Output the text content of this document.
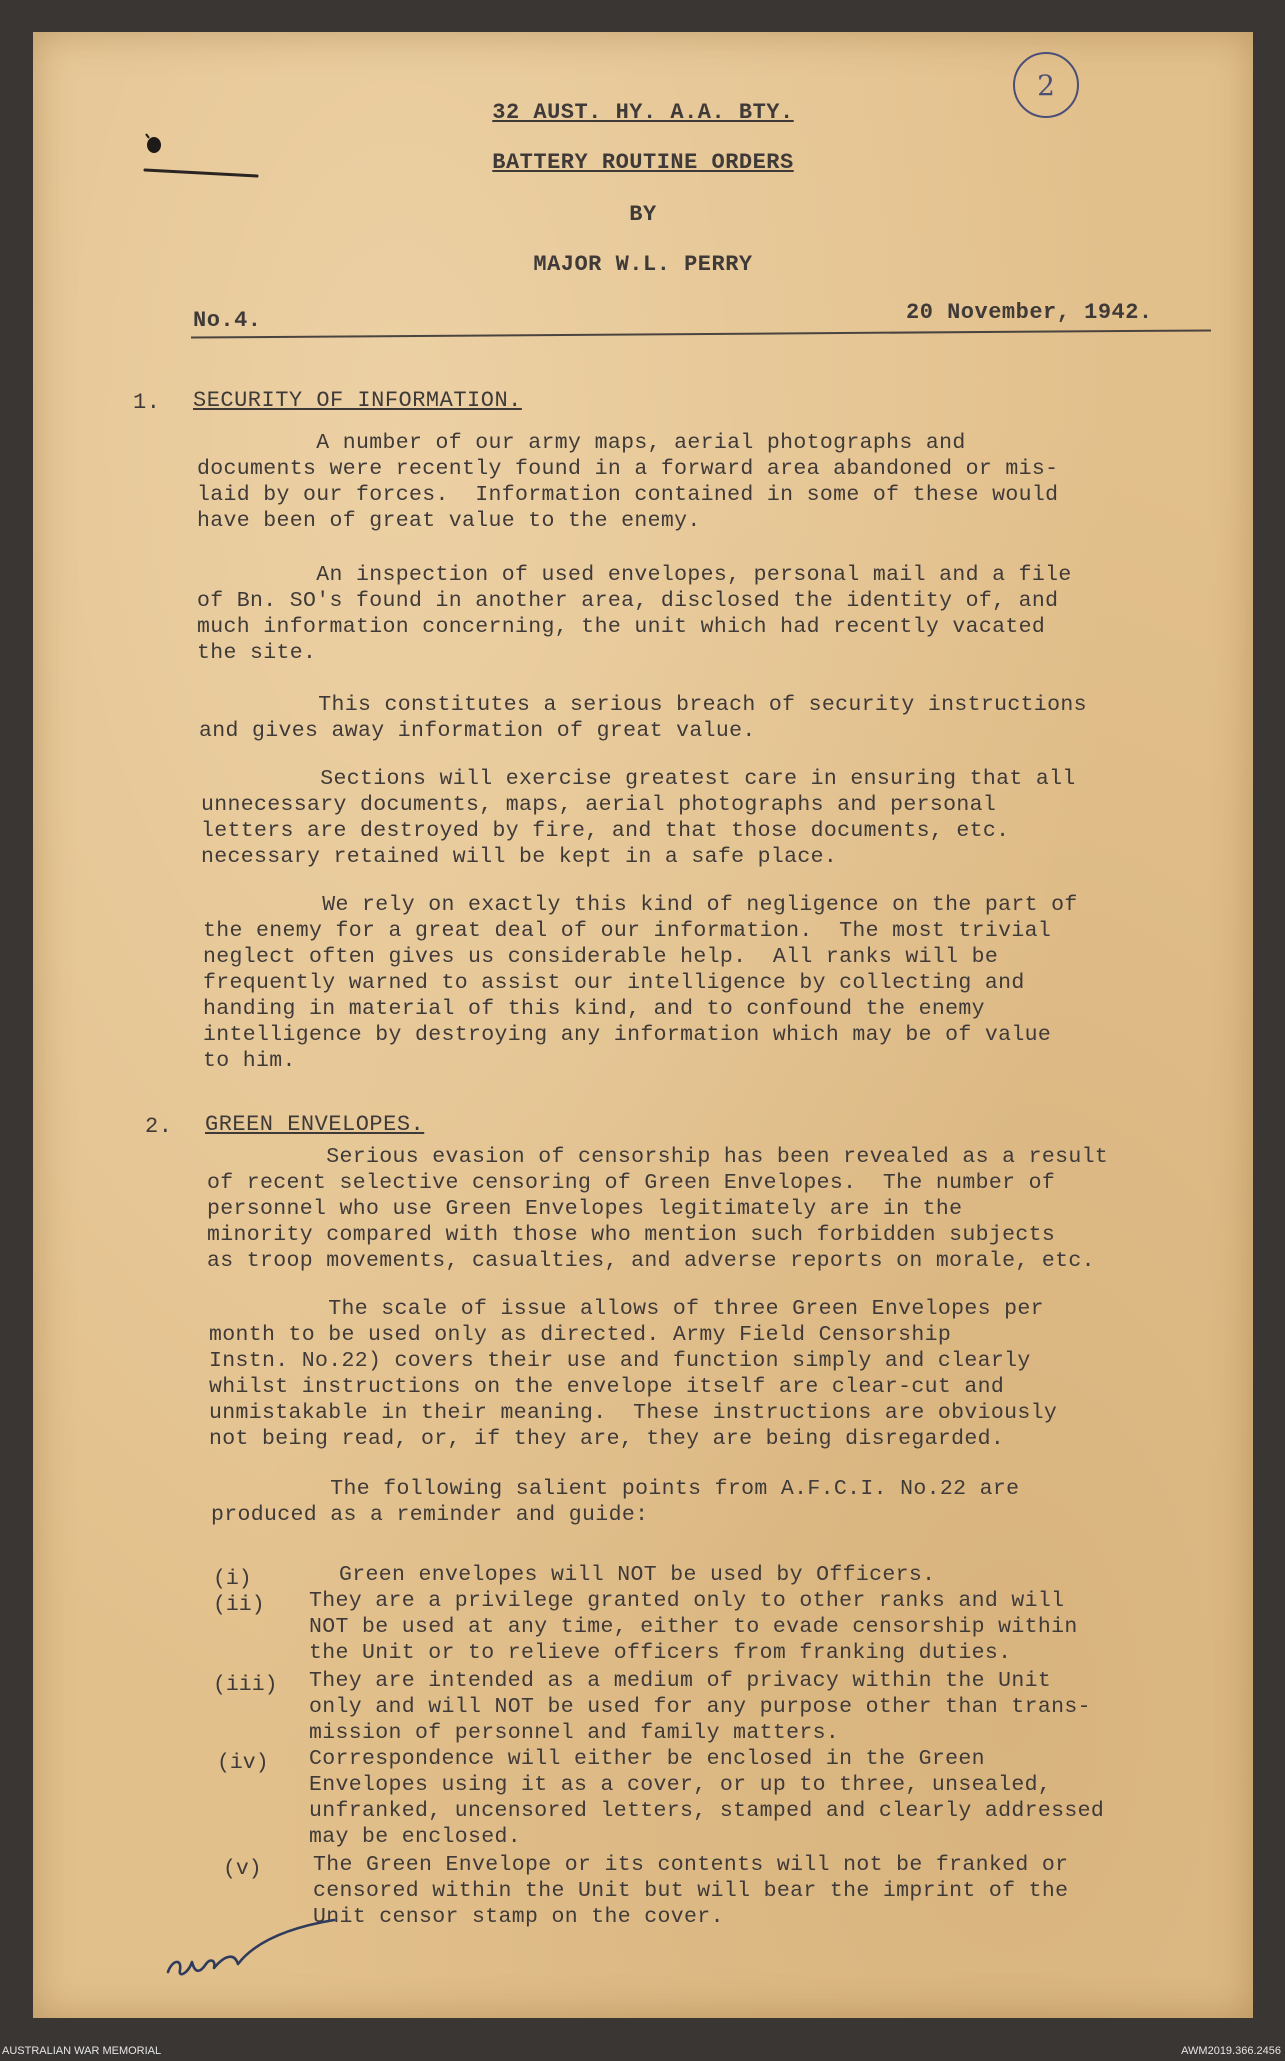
2
32 AUST. HY. A.A. BTY.
BATTERY ROUTINE ORDERS
BY
MAJOR W.L. PERRY
No.4.	20 November, 1942.
1. SECURITY OF INFORMATION.
A number of our army maps, aerial photographs and
documents were recently found in a forward area abandoned or mis-
laid by our forces.  Information contained in some of these would
have been of great value to the enemy.
An inspection of used envelopes, personal mail and a file
of Bn. SO's found in another area, disclosed the identity of, and
much information concerning, the unit which had recently vacated
the site.
This constitutes a serious breach of security instructions
and gives away information of great value.
Sections will exercise greatest care in ensuring that all
unnecessary documents, maps, aerial photographs and personal
letters are destroyed by fire, and that those documents, etc.
necessary retained will be kept in a safe place.
We rely on exactly this kind of negligence on the part of
the enemy for a great deal of our information.  The most trivial
neglect often gives us considerable help.  All ranks will be
frequently warned to assist our intelligence by collecting and
handing in material of this kind, and to confound the enemy
intelligence by destroying any information which may be of value
to him.
2. GREEN ENVELOPES.
Serious evasion of censorship has been revealed as a result
of recent selective censoring of Green Envelopes.  The number of
personnel who use Green Envelopes legitimately are in the
minority compared with those who mention such forbidden subjects
as troop movements, casualties, and adverse reports on morale, etc.
The scale of issue allows of three Green Envelopes per
month to be used only as directed. Army Field Censorship
Instn. No.22) covers their use and function simply and clearly
whilst instructions on the envelope itself are clear-cut and
unmistakable in their meaning.  These instructions are obviously
not being read, or, if they are, they are being disregarded.
The following salient points from A.F.C.I. No.22 are
produced as a reminder and guide:
(i)	Green envelopes will NOT be used by Officers.
(ii) They are a privilege granted only to other ranks and will
NOT be used at any time, either to evade censorship within
the Unit or to relieve officers from franking duties.
(iii) They are intended as a medium of privacy within the Unit
only and will NOT be used for any purpose other than trans-
mission of personnel and family matters.
(iv) Correspondence will either be enclosed in the Green
Envelopes using it as a cover, or up to three, unsealed,
unfranked, uncensored letters, stamped and clearly addressed
may be enclosed.
(v) The Green Envelope or its contents will not be franked or
censored within the Unit but will bear the imprint of the
Unit censor stamp on the cover.
AUSTRALIAN WAR MEMORIAL	AWM2019.366.2456
